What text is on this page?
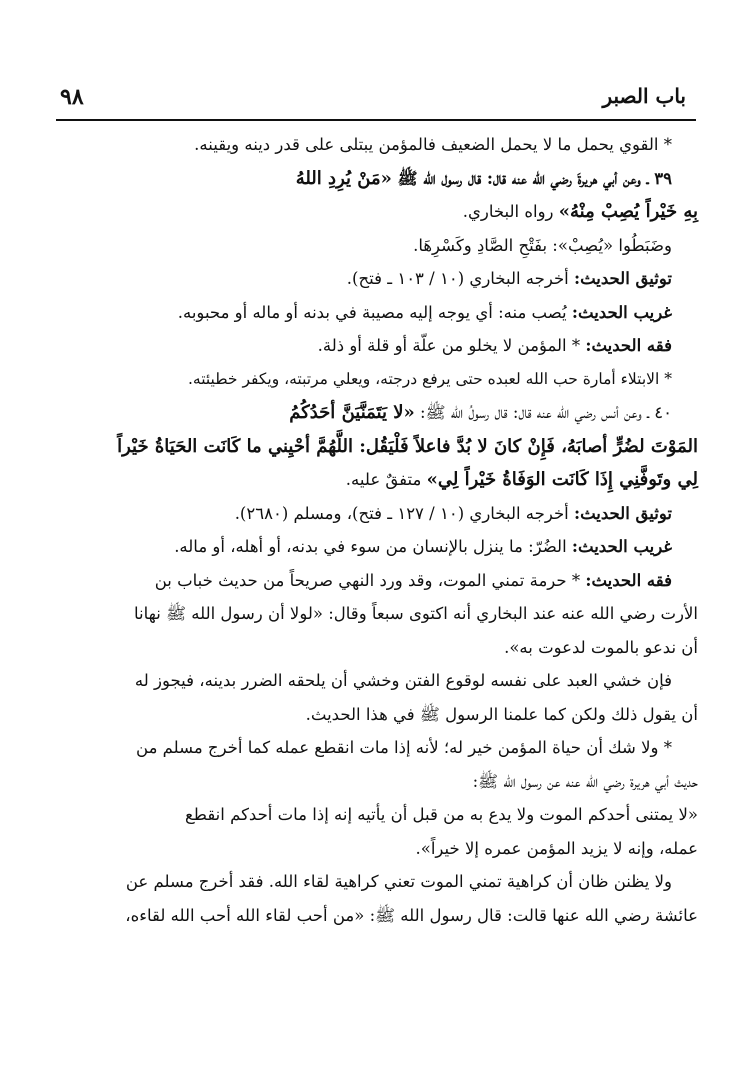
٩٨	باب الصبر

* القوي يحمل ما لا يحمل الضعيف فالمؤمن يبتلى على قدر دينه ويقينه.

٣٩ ـ وعن أبي هريرةَ رضي الله عنه قال: قال رسول الله ﷺ «مَنْ يُرِدِ اللهُ

بِهِ خَيْراً يُصِبْ مِنْهُ» رواه البخاري.

وضَبَطُوا «يُصِبْ»: بفَتْحِ الصَّادِ وكَسْرِهَا.

توثيق الحديث: أخرجه البخاري (١٠ / ١٠٣ ـ فتح).

غريب الحديث: يُصب منه: أي يوجه إليه مصيبة في بدنه أو ماله أو محبوبه.

فقه الحديث: * المؤمن لا يخلو من علّة أو قلة أو ذلة.

* الابتلاء أمارة حب الله لعبده حتى يرفع درجته، ويعلي مرتبته، ويكفر خطيئته.

٤٠ ـ وعن أنس رضي الله عنه قال: قال رسولُ الله ﷺ: «لا يَتَمَنَّيَنَّ أحَدُكُمُ

المَوْتَ لضُرٍّ أصابَهُ، فَإِنْ كانَ لا بُدَّ فاعلاً فَلْيَقُل: اللَّهُمَّ أحْيِني ما كَانَت الحَيَاةُ خَيْراً

لِي وتَوفَّنِي إِذَا كَانَت الوَفَاةُ خَيْراً لِي» متفقٌ عليه.

توثيق الحديث: أخرجه البخاري (١٠ / ١٢٧ ـ فتح)، ومسلم (٢٦٨٠).

غريب الحديث: الضُرّ: ما ينزل بالإنسان من سوء في بدنه، أو أهله، أو ماله.

فقه الحديث: * حرمة تمني الموت، وقد ورد النهي صريحاً من حديث خباب بن

الأرت رضي الله عنه عند البخاري أنه اكتوى سبعاً وقال: «لولا أن رسول الله ﷺ نهانا

أن ندعو بالموت لدعوت به».

فإن خشي العبد على نفسه لوقوع الفتن وخشي أن يلحقه الضرر بدينه، فيجوز له

أن يقول ذلك ولكن كما علمنا الرسول ﷺ في هذا الحديث.

* ولا شك أن حياة المؤمن خير له؛ لأنه إذا مات انقطع عمله كما أخرج مسلم من

حديث أبي هريرة رضي الله عنه عن رسول الله ﷺ:

«لا يمتنى أحدكم الموت ولا يدع به من قبل أن يأتيه إنه إذا مات أحدكم انقطع

عمله، وإنه لا يزيد المؤمن عمره إلا خيراً».

ولا يظنن ظان أن كراهية تمني الموت تعني كراهية لقاء الله. فقد أخرج مسلم عن

عائشة رضي الله عنها قالت: قال رسول الله ﷺ: «من أحب لقاء الله أحب الله لقاءه،
